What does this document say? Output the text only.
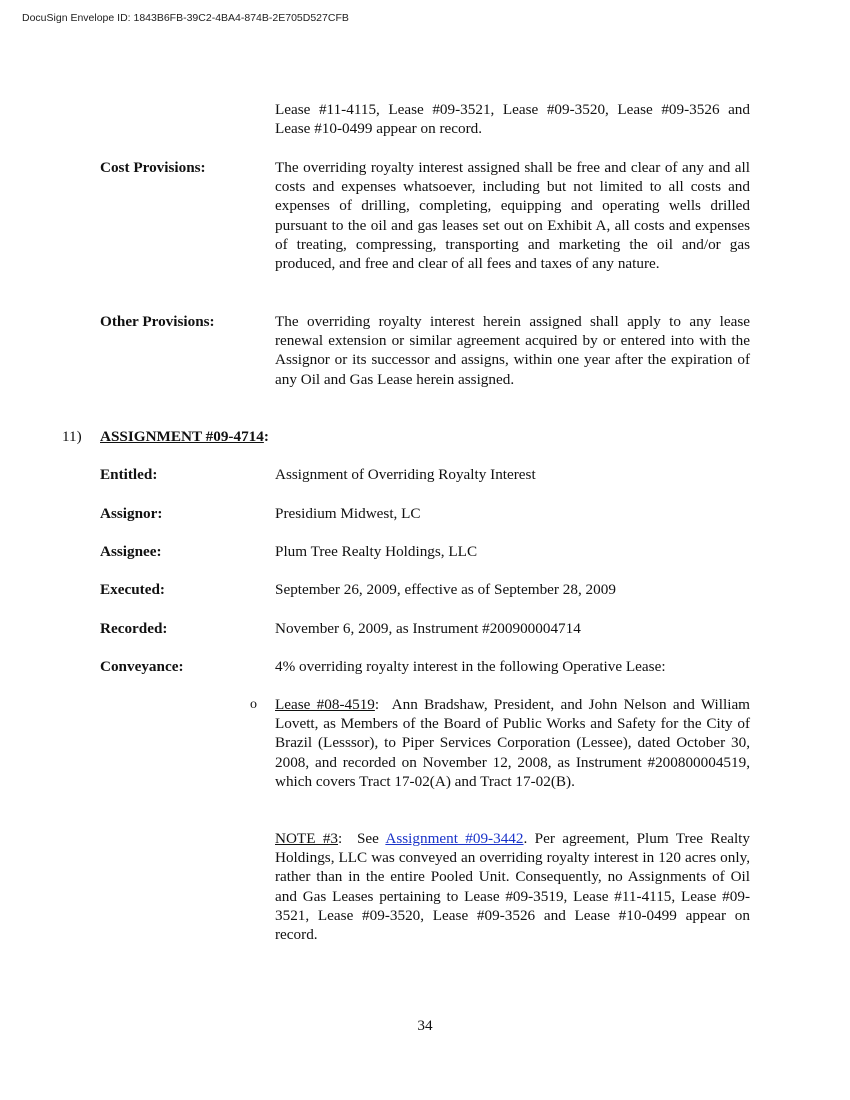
DocuSign Envelope ID: 1843B6FB-39C2-4BA4-874B-2E705D527CFB
Lease #11-4115, Lease #09-3521, Lease #09-3520, Lease #09-3526 and Lease #10-0499 appear on record.
Cost Provisions:	The overriding royalty interest assigned shall be free and clear of any and all costs and expenses whatsoever, including but not limited to all costs and expenses of drilling, completing, equipping and operating wells drilled pursuant to the oil and gas leases set out on Exhibit A, all costs and expenses of treating, compressing, transporting and marketing the oil and/or gas produced, and free and clear of all fees and taxes of any nature.
Other Provisions:	The overriding royalty interest herein assigned shall apply to any lease renewal extension or similar agreement acquired by or entered into with the Assignor or its successor and assigns, within one year after the expiration of any Oil and Gas Lease herein assigned.
11) ASSIGNMENT #09-4714:
Entitled:	Assignment of Overriding Royalty Interest
Assignor:	Presidium Midwest, LC
Assignee:	Plum Tree Realty Holdings, LLC
Executed:	September 26, 2009, effective as of September 28, 2009
Recorded:	November 6, 2009, as Instrument #200900004714
Conveyance:	4% overriding royalty interest in the following Operative Lease:
o Lease #08-4519: Ann Bradshaw, President, and John Nelson and William Lovett, as Members of the Board of Public Works and Safety for the City of Brazil (Lesssor), to Piper Services Corporation (Lessee), dated October 30, 2008, and recorded on November 12, 2008, as Instrument #200800004519, which covers Tract 17-02(A) and Tract 17-02(B).
NOTE #3: See Assignment #09-3442. Per agreement, Plum Tree Realty Holdings, LLC was conveyed an overriding royalty interest in 120 acres only, rather than in the entire Pooled Unit. Consequently, no Assignments of Oil and Gas Leases pertaining to Lease #09-3519, Lease #11-4115, Lease #09-3521, Lease #09-3520, Lease #09-3526 and Lease #10-0499 appear on record.
34
